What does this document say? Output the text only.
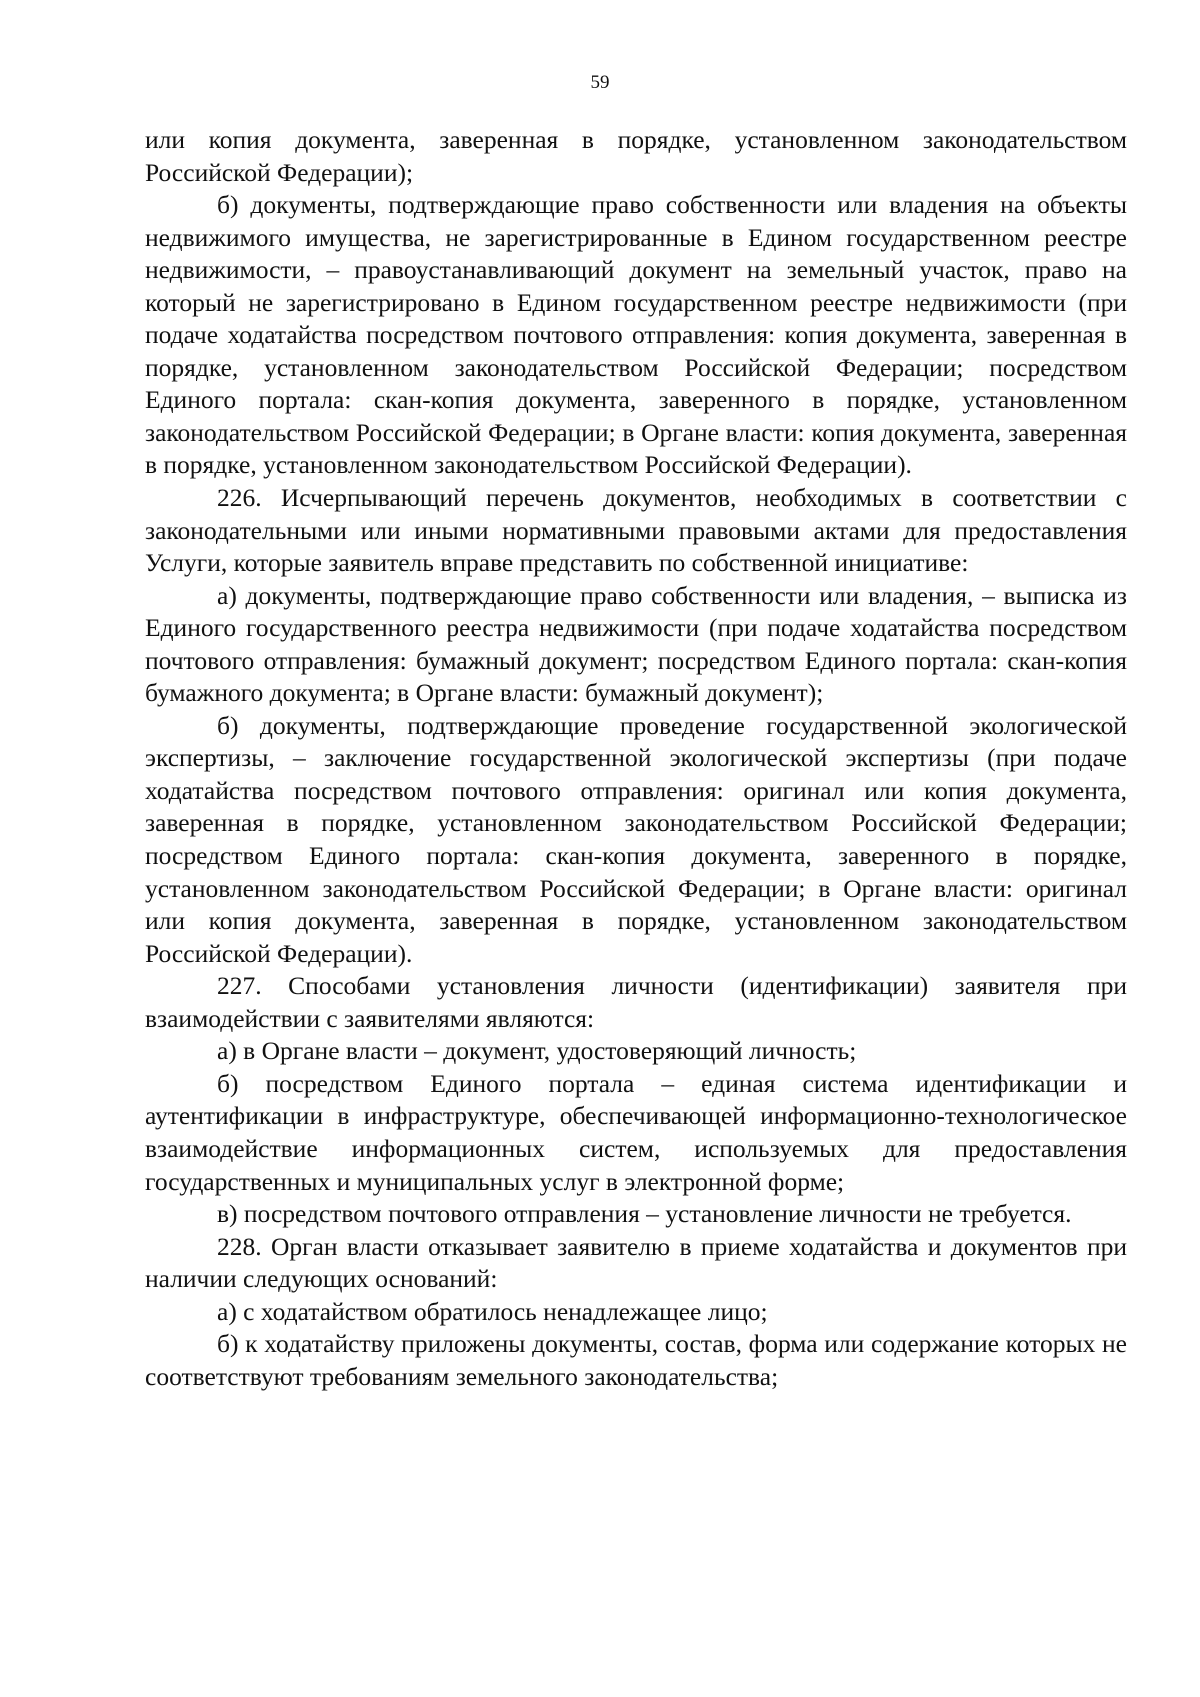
59

или копия документа, заверенная в порядке, установленном законодательством Российской Федерации);

б) документы, подтверждающие право собственности или владения на объекты недвижимого имущества, не зарегистрированные в Едином государственном реестре недвижимости, – правоустанавливающий документ на земельный участок, право на который не зарегистрировано в Едином государственном реестре недвижимости (при подаче ходатайства посредством почтового отправления: копия документа, заверенная в порядке, установленном законодательством Российской Федерации; посредством Единого портала: скан-копия документа, заверенного в порядке, установленном законодательством Российской Федерации; в Органе власти: копия документа, заверенная в порядке, установленном законодательством Российской Федерации).

226. Исчерпывающий перечень документов, необходимых в соответствии с законодательными или иными нормативными правовыми актами для предоставления Услуги, которые заявитель вправе представить по собственной инициативе:

а) документы, подтверждающие право собственности или владения, – выписка из Единого государственного реестра недвижимости (при подаче ходатайства посредством почтового отправления: бумажный документ; посредством Единого портала: скан-копия бумажного документа; в Органе власти: бумажный документ);

б) документы, подтверждающие проведение государственной экологической экспертизы, – заключение государственной экологической экспертизы (при подаче ходатайства посредством почтового отправления: оригинал или копия документа, заверенная в порядке, установленном законодательством Российской Федерации; посредством Единого портала: скан-копия документа, заверенного в порядке, установленном законодательством Российской Федерации; в Органе власти: оригинал или копия документа, заверенная в порядке, установленном законодательством Российской Федерации).

227. Способами установления личности (идентификации) заявителя при взаимодействии с заявителями являются:

а) в Органе власти – документ, удостоверяющий личность;

б) посредством Единого портала – единая система идентификации и аутентификации в инфраструктуре, обеспечивающей информационно-технологическое взаимодействие информационных систем, используемых для предоставления государственных и муниципальных услуг в электронной форме;

в) посредством почтового отправления – установление личности не требуется.

228. Орган власти отказывает заявителю в приеме ходатайства и документов при наличии следующих оснований:

а) с ходатайством обратилось ненадлежащее лицо;

б) к ходатайству приложены документы, состав, форма или содержание которых не соответствуют требованиям земельного законодательства;
